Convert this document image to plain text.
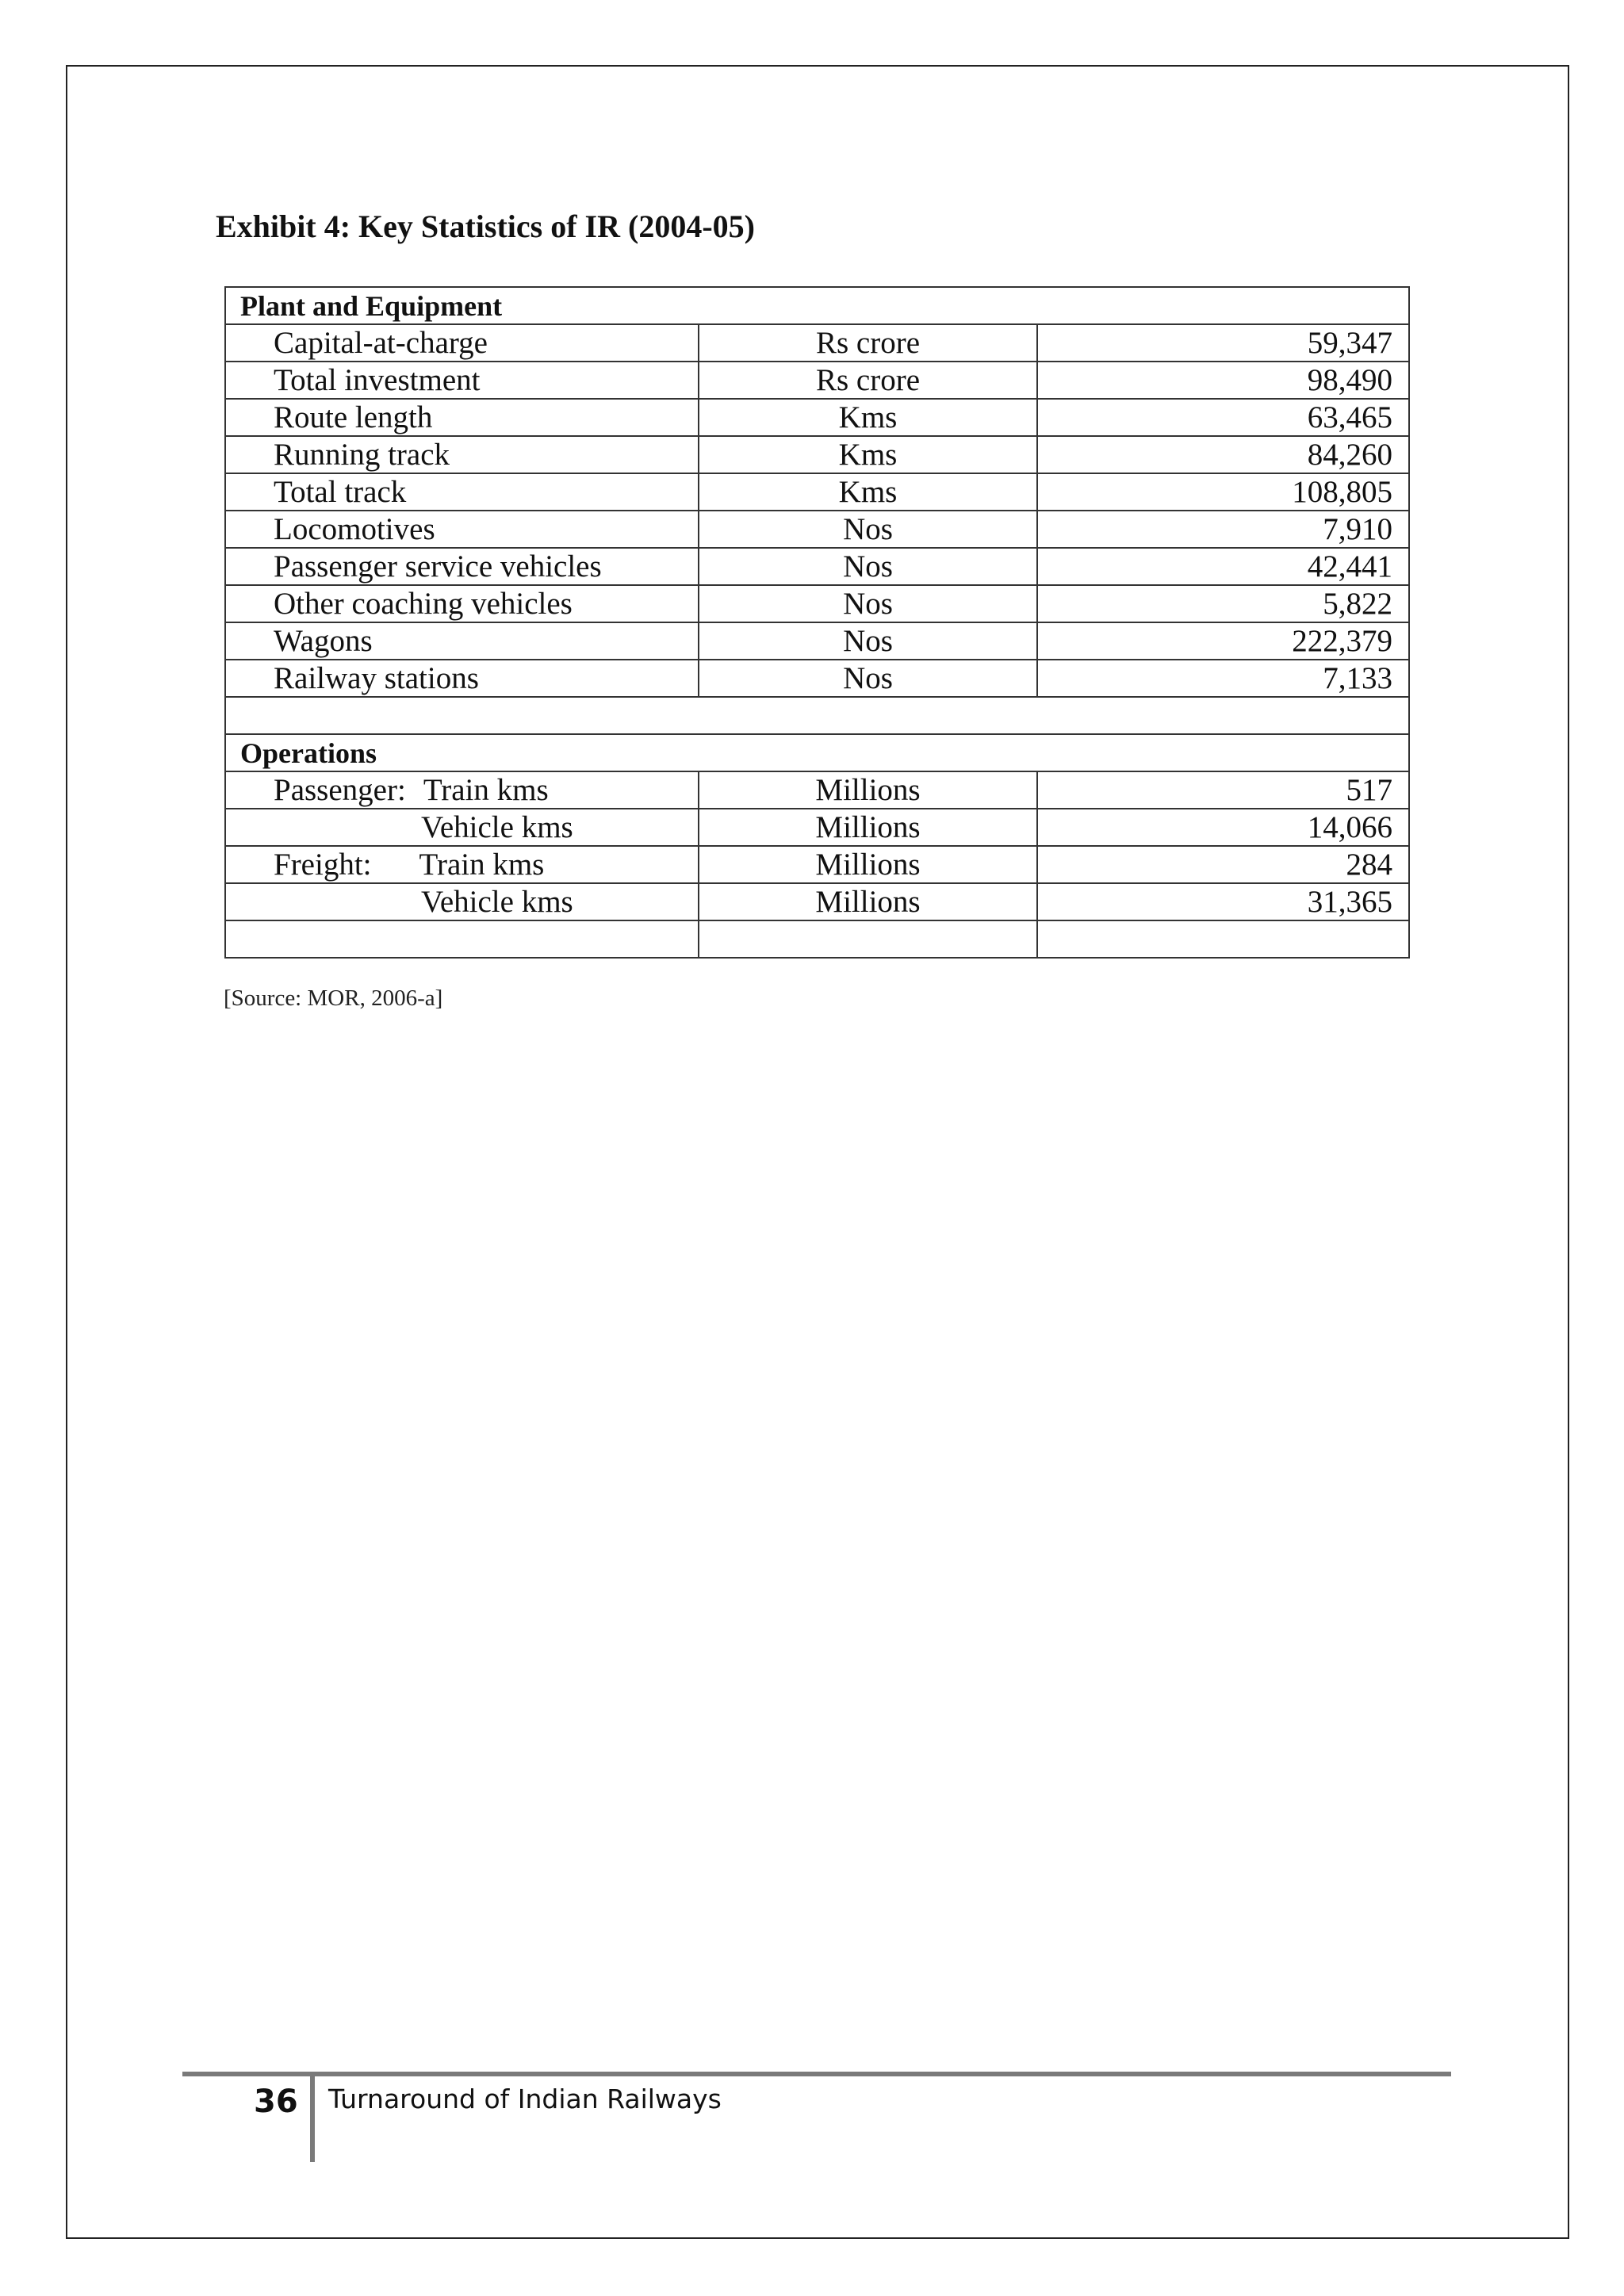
Exhibit 4: Key Statistics of IR (2004-05)
Plant and Equipment		
Capital-at-charge	Rs crore	59,347
Total investment	Rs crore	98,490
Route length	Kms	63,465
Running track	Kms	84,260
Total track	Kms	108,805
Locomotives	Nos	7,910
Passenger service vehicles	Nos	42,441
Other coaching vehicles	Nos	5,822
Wagons	Nos	222,379
Railway stations	Nos	7,133

Operations		
Passenger: Train kms	Millions	517
Vehicle kms	Millions	14,066
Freight: Train kms	Millions	284
Vehicle kms	Millions	31,365

[Source: MOR, 2006-a]
36 Turnaround of Indian Railways
